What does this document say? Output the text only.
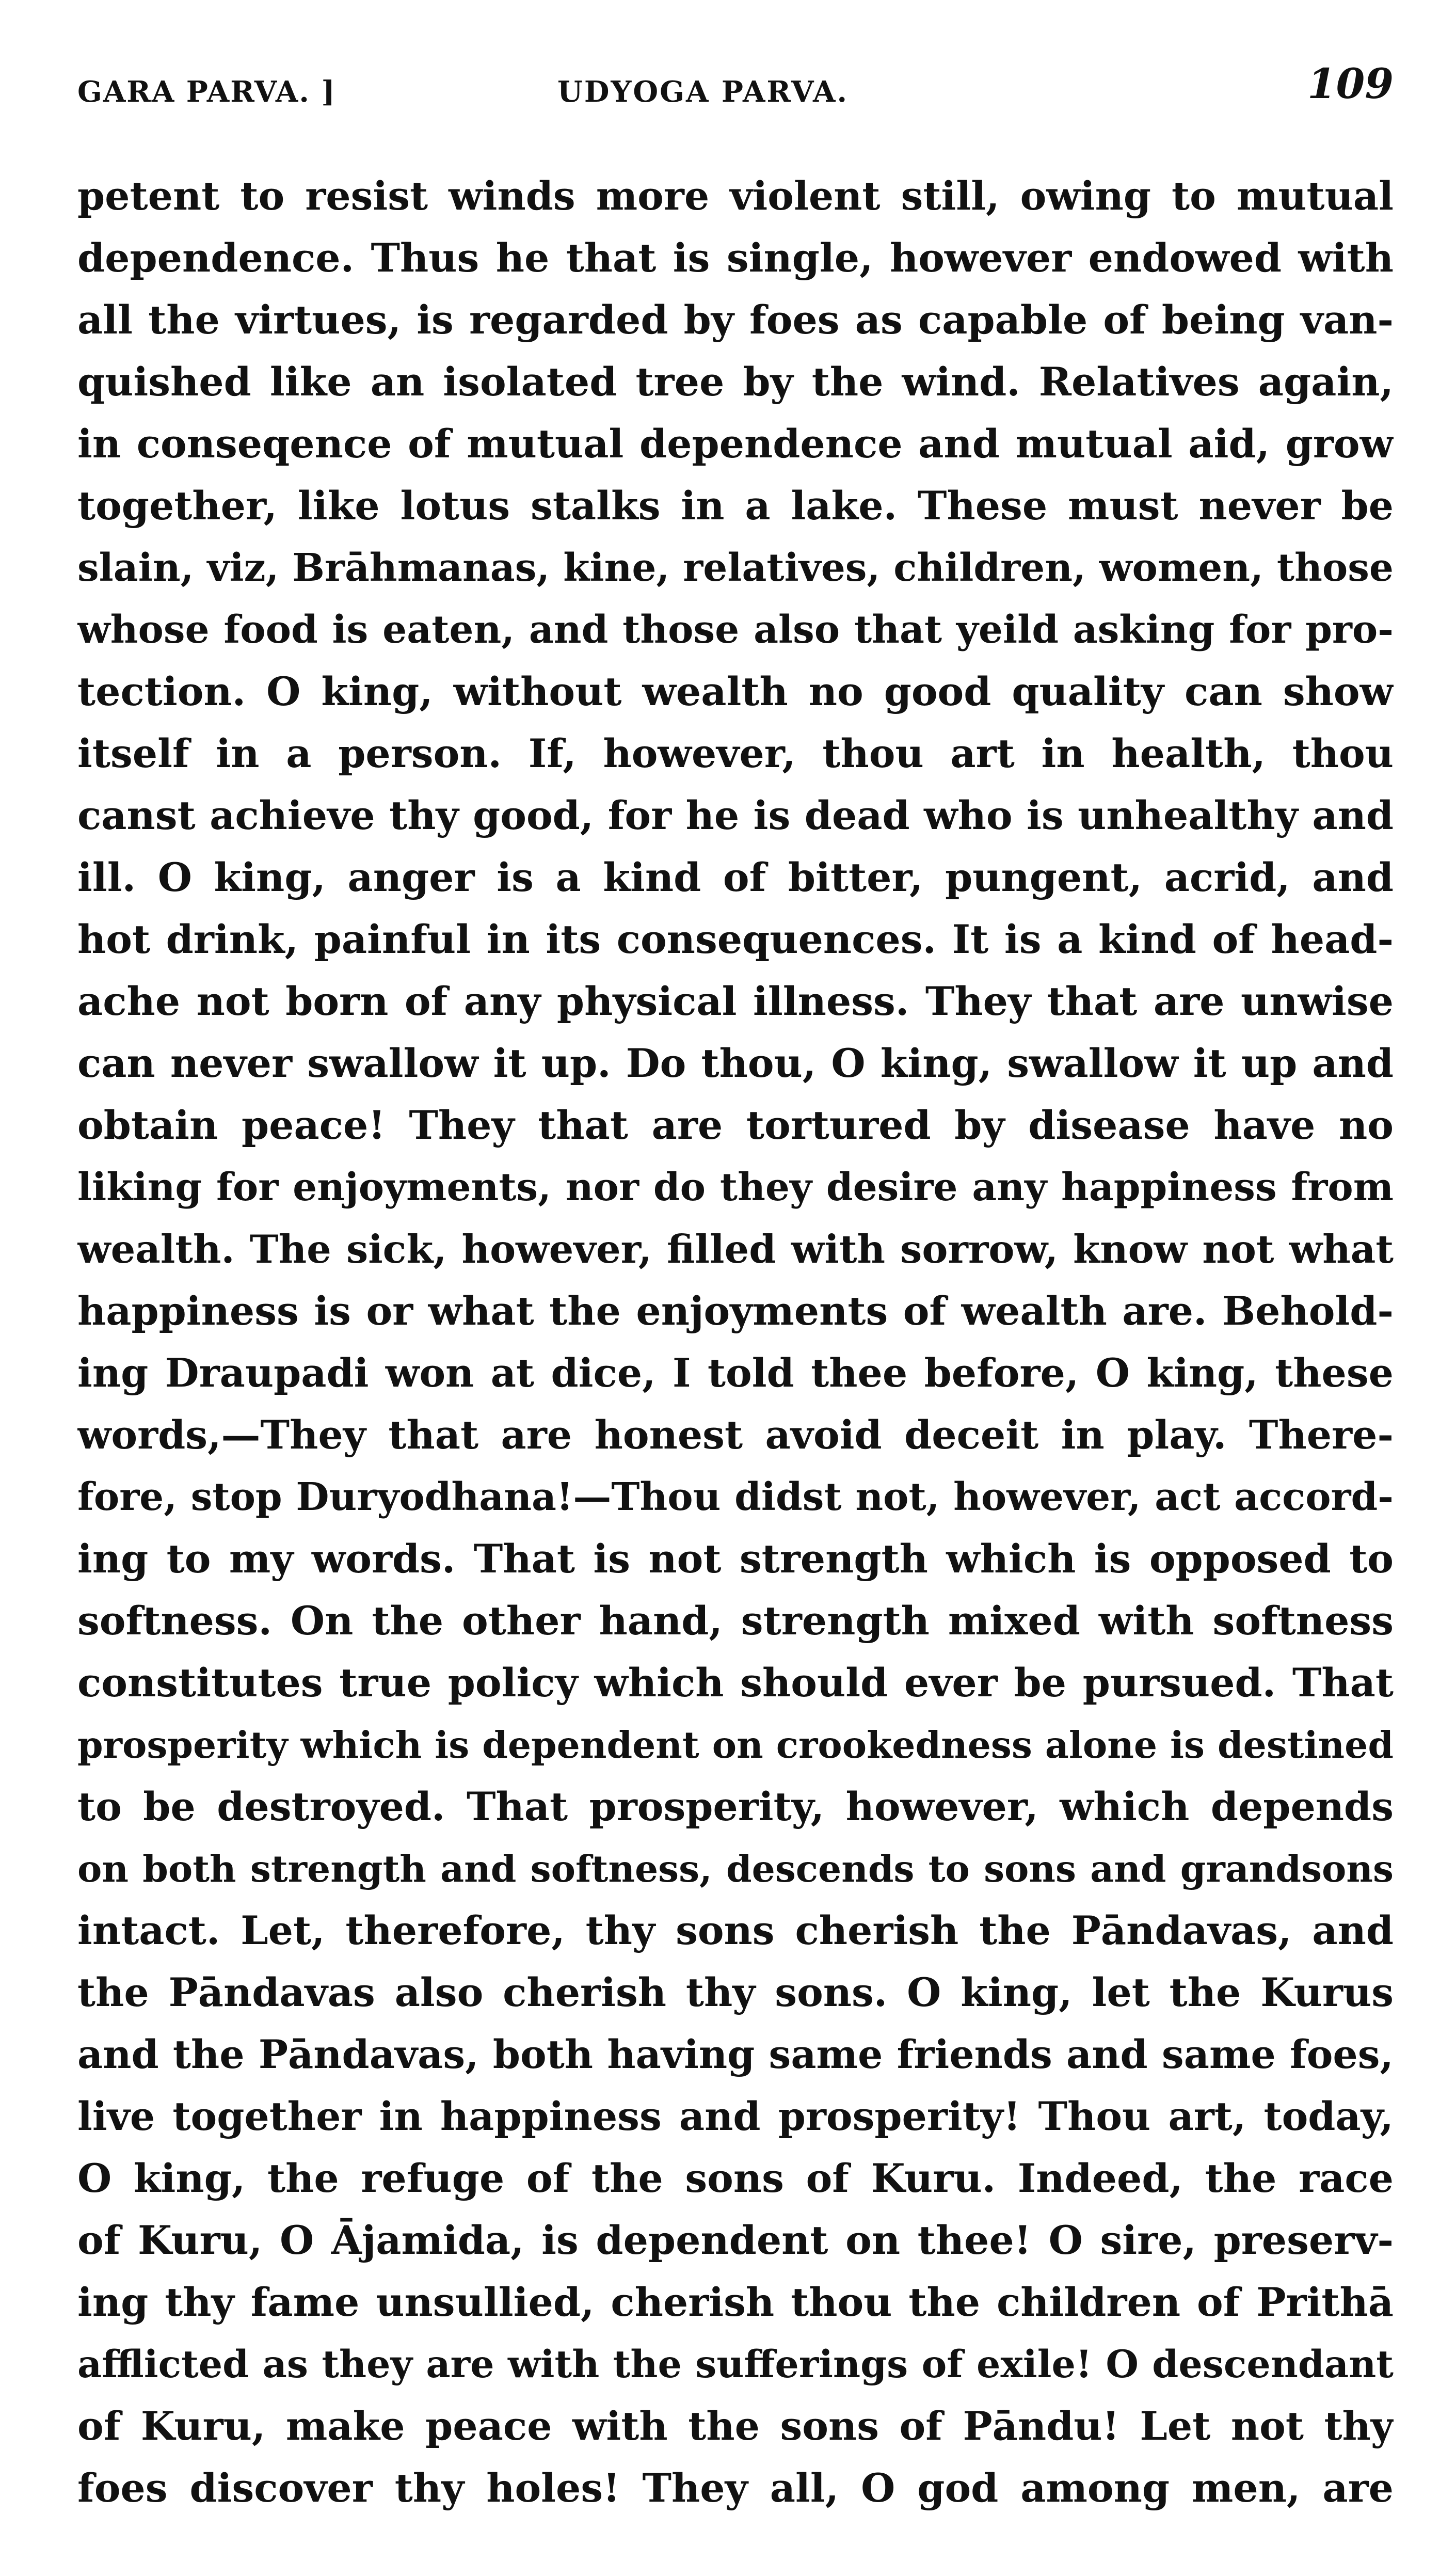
GARA PARVA. ]	UDYOGA PARVA.	109
petent to resist winds more violent still, owing to mutual
dependence. Thus he that is single, however endowed with
all the virtues, is regarded by foes as capable of being van-
quished like an isolated tree by the wind. Relatives again,
in conseqence of mutual dependence and mutual aid, grow
together, like lotus stalks in a lake. These must never be
slain, viz, Brāhmanas, kine, relatives, children, women, those
whose food is eaten, and those also that yeild asking for pro-
tection. O king, without wealth no good quality can show
itself in a person. If, however, thou art in health, thou
canst achieve thy good, for he is dead who is unhealthy and
ill. O king, anger is a kind of bitter, pungent, acrid, and
hot drink, painful in its consequences. It is a kind of head-
ache not born of any physical illness. They that are unwise
can never swallow it up. Do thou, O king, swallow it up and
obtain peace! They that are tortured by disease have no
liking for enjoyments, nor do they desire any happiness from
wealth. The sick, however, filled with sorrow, know not what
happiness is or what the enjoyments of wealth are. Behold-
ing Draupadi won at dice, I told thee before, O king, these
words,—They that are honest avoid deceit in play. There-
fore, stop Duryodhana!—Thou didst not, however, act accord-
ing to my words. That is not strength which is opposed to
softness. On the other hand, strength mixed with softness
constitutes true policy which should ever be pursued. That
prosperity which is dependent on crookedness alone is destined
to be destroyed. That prosperity, however, which depends
on both strength and softness, descends to sons and grandsons
intact. Let, therefore, thy sons cherish the Pāndavas, and
the Pāndavas also cherish thy sons. O king, let the Kurus
and the Pāndavas, both having same friends and same foes,
live together in happiness and prosperity! Thou art, today,
O king, the refuge of the sons of Kuru. Indeed, the race
of Kuru, O Ājamida, is dependent on thee! O sire, preserv-
ing thy fame unsullied, cherish thou the children of Prithā
afflicted as they are with the sufferings of exile! O descendant
of Kuru, make peace with the sons of Pāndu! Let not thy
foes discover thy holes! They all, O god among men, are
